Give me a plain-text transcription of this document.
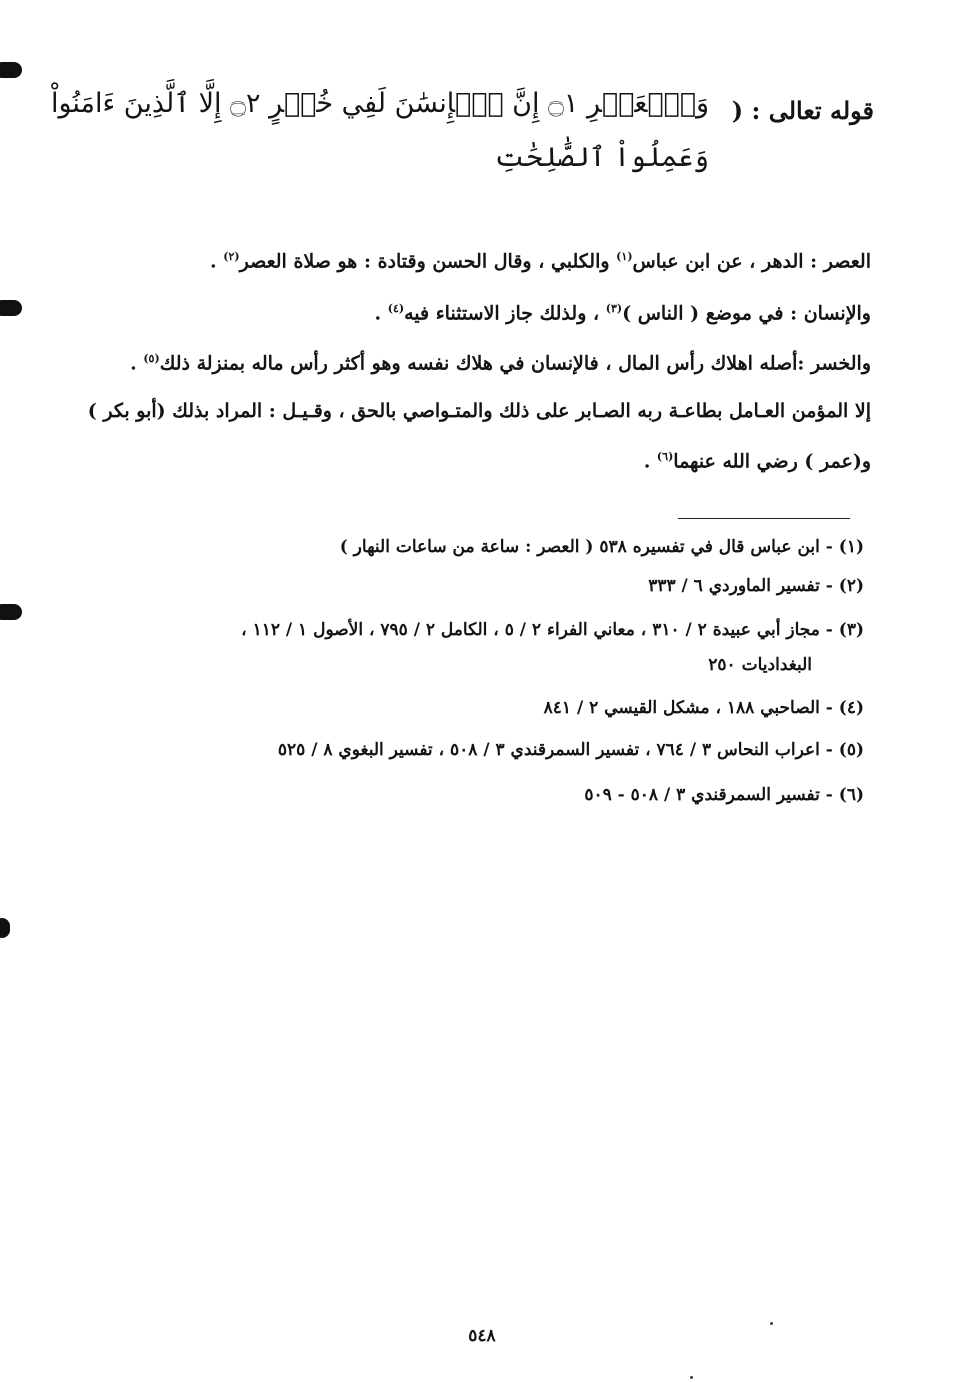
قوله تعالى : (
وَٱلۡعَصۡرِ ۝١ إِنَّ ٱلۡإِنسَٰنَ لَفِي خُسۡرٍ ۝٢ إِلَّا ٱلَّذِينَ ءَامَنُواْ
وَعَمِلُواْ ٱلصَّٰلِحَٰتِ
العصر : الدهر ، عن ابن عباس$^{(١)}$ والكلبي ، وقال الحسن وقتادة : هو صلاة العصر$^{(٢)}$ .
والإنسان : في موضع ( الناس )$^{(٣)}$ ، ولذلك جاز الاستثناء فيه$^{(٤)}$ .
والخسر :أصله اهلاك رأس المال ، فالإنسان في هلاك نفسه وهو أكثر رأس ماله بمنزلة ذلك$^{(٥)}$ .
إلا المؤمن العـامل بطاعـة ربه الصـابر على ذلك والمتـواصي بالحق ، وقـيـل : المراد بذلك (أبو بكر )
و(عمر ) رضي الله عنهما$^{(٦)}$ .
(١) - ابن عباس قال في تفسيره ٥٣٨ ( العصر : ساعة من ساعات النهار )
(٢) - تفسير الماوردي ٦ / ٣٣٣
(٣) - مجاز أبي عبيدة ٢ / ٣١٠ ، معاني الفراء ٢ / ٥ ، الكامل ٢ / ٧٩٥ ، الأصول ١ / ١١٢ ،
البغداديات ٢٥٠
(٤) - الصاحبي ١٨٨ ، مشكل القيسي ٢ / ٨٤١
(٥) - اعراب النحاس ٣ / ٧٦٤ ، تفسير السمرقندي ٣ / ٥٠٨ ، تفسير البغوي ٨ / ٥٢٥
(٦) - تفسير السمرقندي ٣ / ٥٠٨ - ٥٠٩
٥٤٨
